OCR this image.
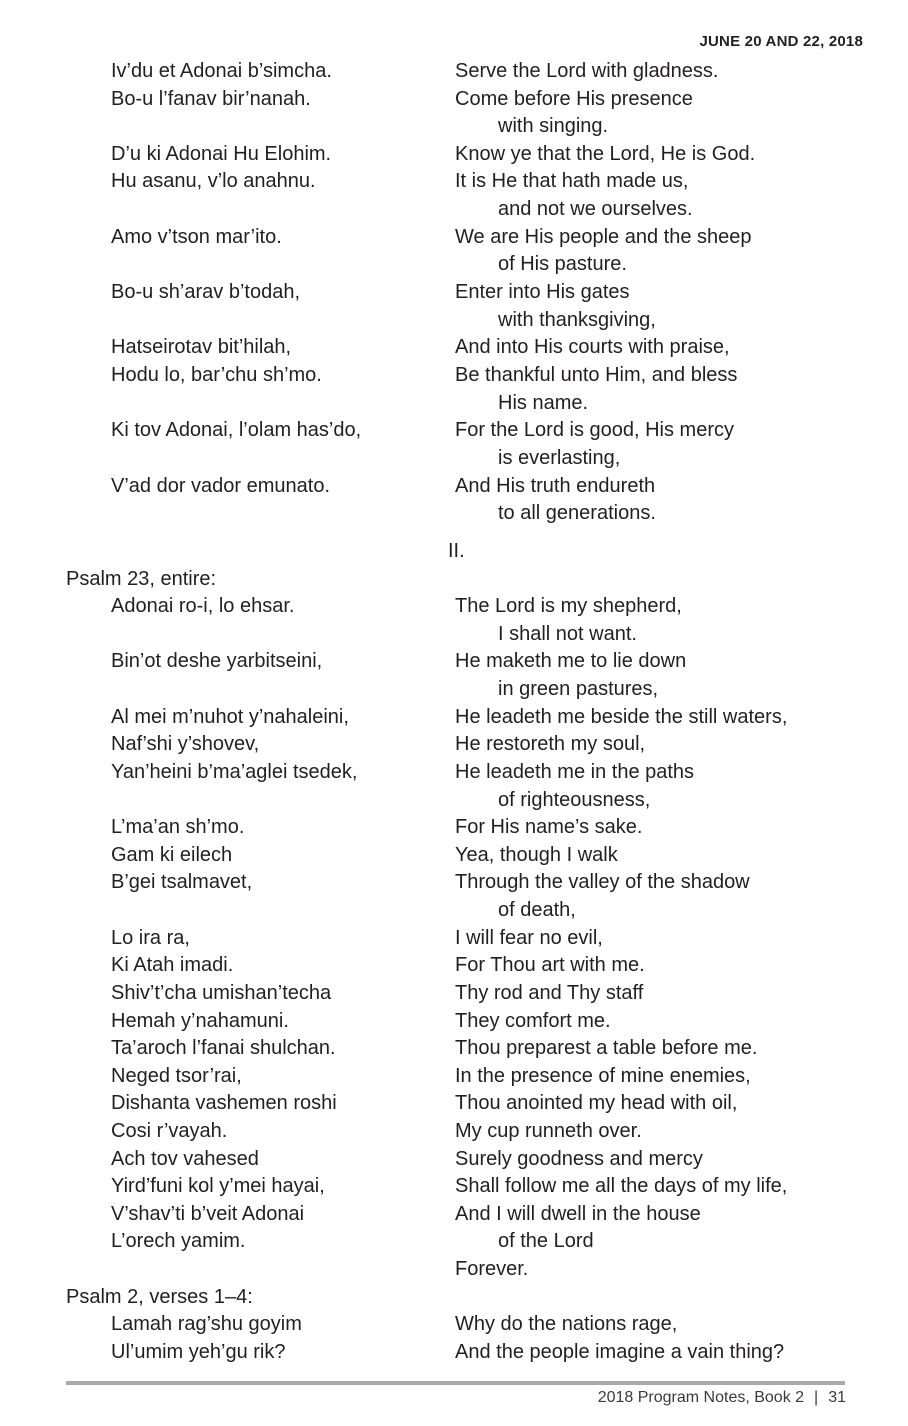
JUNE 20 AND 22, 2018
Iv’du et Adonai b’simcha.	Serve the Lord with gladness.
Bo-u l’fanav bir’nanah.	Come before His presence
with singing.
D’u ki Adonai Hu Elohim.	Know ye that the Lord, He is God.
Hu asanu, v’lo anahnu.	It is He that hath made us,
and not we ourselves.
Amo v’tson mar’ito.	We are His people and the sheep
of His pasture.
Bo-u sh’arav b’todah,	Enter into His gates
with thanksgiving,
Hatseirotav bit’hilah,	And into His courts with praise,
Hodu lo, bar’chu sh’mo.	Be thankful unto Him, and bless
His name.
Ki tov Adonai, l’olam has’do,	For the Lord is good, His mercy
is everlasting,
V’ad dor vador emunato.	And His truth endureth
to all generations.
II.
Psalm 23, entire:
Adonai ro-i, lo ehsar.	The Lord is my shepherd,
I shall not want.
Bin’ot deshe yarbitseini,	He maketh me to lie down
in green pastures,
Al mei m’nuhot y’nahaleini,	He leadeth me beside the still waters,
Naf’shi y’shovev,	He restoreth my soul,
Yan’heini b’ma’aglei tsedek,	He leadeth me in the paths
of righteousness,
L’ma’an sh’mo.	For His name’s sake.
Gam ki eilech	Yea, though I walk
B’gei tsalmavet,	Through the valley of the shadow
of death,
Lo ira ra,	I will fear no evil,
Ki Atah imadi.	For Thou art with me.
Shiv’t’cha umishan’techa	Thy rod and Thy staff
Hemah y’nahamuni.	They comfort me.
Ta’aroch l’fanai shulchan.	Thou preparest a table before me.
Neged tsor’rai,	In the presence of mine enemies,
Dishanta vashemen roshi	Thou anointed my head with oil,
Cosi r’vayah.	My cup runneth over.
Ach tov vahesed	Surely goodness and mercy
Yird’funi kol y’mei hayai,	Shall follow me all the days of my life,
V’shav’ti b’veit Adonai	And I will dwell in the house
L’orech yamim.	of the Lord
Forever.
Psalm 2, verses 1–4:
Lamah rag’shu goyim	Why do the nations rage,
Ul’umim yeh’gu rik?	And the people imagine a vain thing?
2018 Program Notes, Book 2 | 31
